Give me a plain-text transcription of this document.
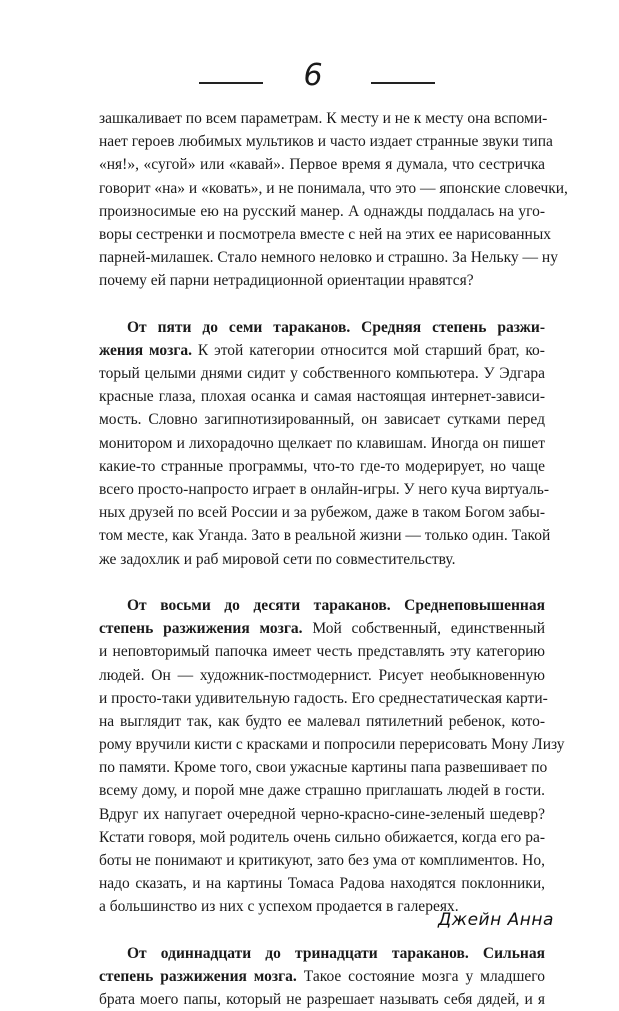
6
зашкаливает по всем параметрам. К месту и не к месту она вспоми-
нает героев любимых мультиков и часто издает странные звуки типа
«ня!», «сугой» или «кавай». Первое время я думала, что сестричка
говорит «на» и «ковать», и не понимала, что это — японские словечки,
произносимые ею на русский манер. А однажды поддалась на уго-
воры сестренки и посмотрела вместе с ней на этих ее нарисованных
парней-милашек. Стало немного неловко и страшно. За Нельку — ну
почему ей парни нетрадиционной ориентации нравятся?
От пяти до семи тараканов. Средняя степень разжи-
жения мозга. К этой категории относится мой старший брат, ко-
торый целыми днями сидит у собственного компьютера. У Эдгара
красные глаза, плохая осанка и самая настоящая интернет-зависи-
мость. Словно загипнотизированный, он зависает сутками перед
монитором и лихорадочно щелкает по клавишам. Иногда он пишет
какие-то странные программы, что-то где-то модерирует, но чаще
всего просто-напросто играет в онлайн-игры. У него куча виртуаль-
ных друзей по всей России и за рубежом, даже в таком Богом забы-
том месте, как Уганда. Зато в реальной жизни — только один. Такой
же задохлик и раб мировой сети по совместительству.
От восьми до десяти тараканов. Среднеповышенная
степень разжижения мозга. Мой собственный, единственный
и неповторимый папочка имеет честь представлять эту категорию
людей. Он — художник-постмодернист. Рисует необыкновенную
и просто-таки удивительную гадость. Его среднестатическая карти-
на выглядит так, как будто ее малевал пятилетний ребенок, кото-
рому вручили кисти с красками и попросили перерисовать Мону Лизу
по памяти. Кроме того, свои ужасные картины папа развешивает по
всему дому, и порой мне даже страшно приглашать людей в гости.
Вдруг их напугает очередной черно-красно-сине-зеленый шедевр?
Кстати говоря, мой родитель очень сильно обижается, когда его ра-
боты не понимают и критикуют, зато без ума от комплиментов. Но,
надо сказать, и на картины Томаса Радова находятся поклонники,
а большинство из них с успехом продается в галереях.
От одиннадцати до тринадцати тараканов. Сильная
степень разжижения мозга. Такое состояние мозга у младшего
брата моего папы, который не разрешает называть себя дядей, и я
Джейн Анна
